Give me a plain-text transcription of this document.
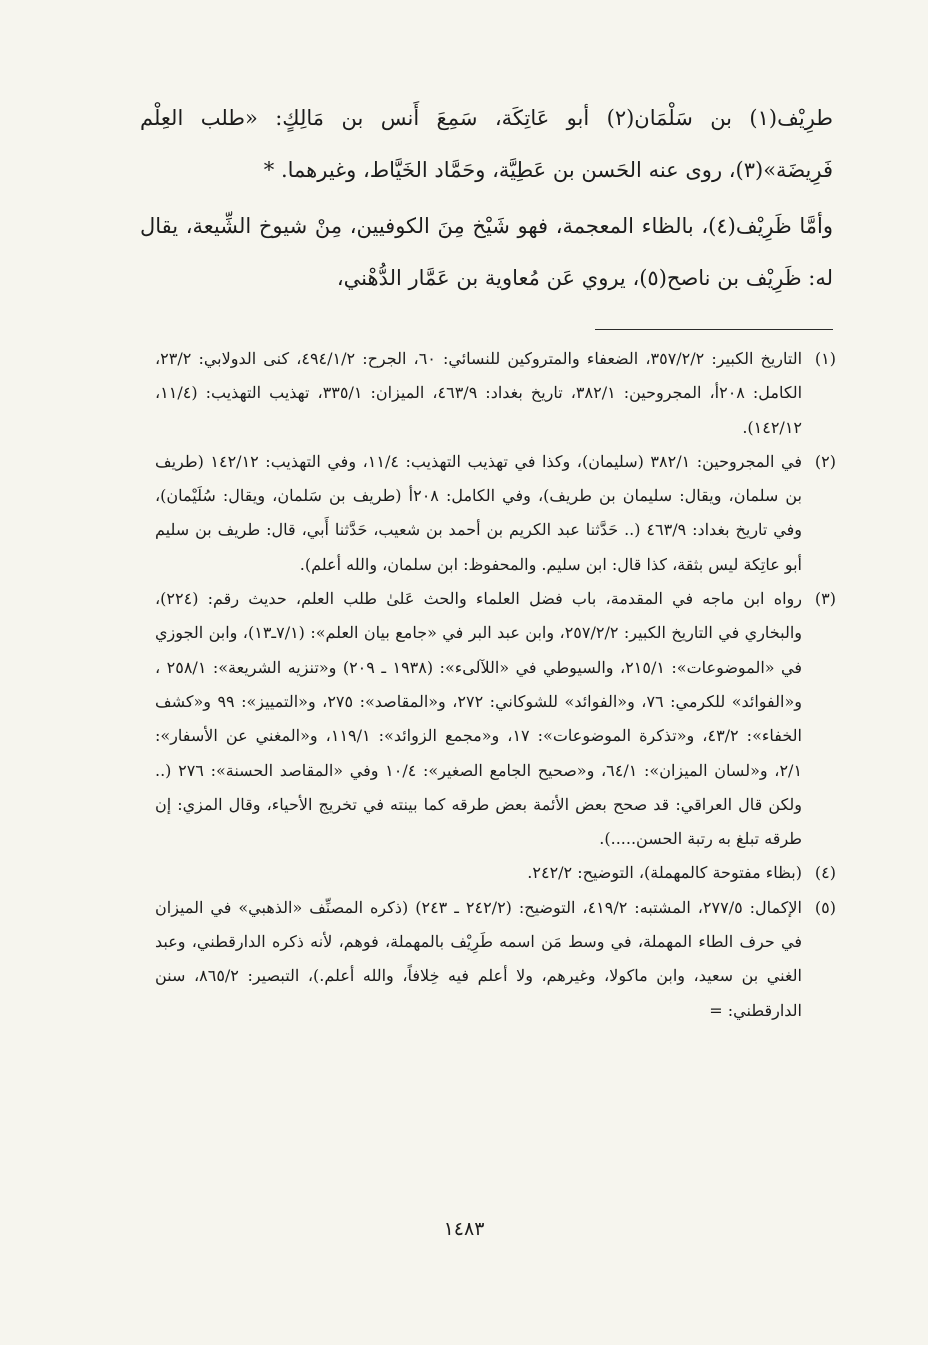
طرِيْف(١) بن سَلْمَان(٢) أبو عَاتِكَة، سَمِعَ أَنس بن مَالِكٍ: «طلب العِلْم فَرِيضَة»(٣)، روى عنه الحَسن بن عَطِيَّة، وحَمَّاد الخَيَّاط، وغيرهما. *

وأمَّا ظَرِيْف(٤)، بالظاء المعجمة، فهو شَيْخ مِنَ الكوفيين، مِنْ شيوخ الشِّيعة، يقال له: ظَرِيْف بن ناصح(٥)، يروي عَن مُعاوية بن عَمَّار الدُّهْني،

(١)
التاريخ الكبير: ٣٥٧/٢/٢، الضعفاء والمتروكين للنسائي: ٦٠، الجرح: ٤٩٤/١/٢، كنى الدولابي: ٢٣/٢، الكامل: ٢٠٨أ، المجروحين: ٣٨٢/١، تاريخ بغداد: ٤٦٣/٩، الميزان: ٣٣٥/١، تهذيب التهذيب: (١١/٤، ١٤٢/١٢).
(٢)
في المجروحين: ٣٨٢/١ (سليمان)، وكذا في تهذيب التهذيب: ١١/٤، وفي التهذيب: ١٤٢/١٢ (طريف بن سلمان، ويقال: سليمان بن طريف)، وفي الكامل: ٢٠٨أ (طريف بن سَلمان، ويقال: سُلَيْمان)، وفي تاريخ بغداد: ٤٦٣/٩ (.. حَدَّثنا عبد الكريم بن أحمد بن شعيب، حَدَّثنا أَبي، قال: طريف بن سليم أبو عاتِكة ليس بثقة، كذا قال: ابن سليم. والمحفوظ: ابن سلمان، والله أعلم).
(٣)
رواه ابن ماجه في المقدمة، باب فضل العلماء والحث عَلىٰ طلب العلم، حديث رقم: (٢٢٤)، والبخاري في التاريخ الكبير: ٢٥٧/٢/٢، وابن عبد البر في «جامع بيان العلم»: (٧/١ـ١٣)، وابن الجوزي في «الموضوعات»: ٢١٥/١، والسيوطي في «اللآلىء»: (١٩٣٨ ـ ٢٠٩) و«تنزيه الشريعة»: ٢٥٨/١ ، و«الفوائد» للكرمي: ٧٦، و«الفوائد» للشوكاني: ٢٧٢، و«المقاصد»: ٢٧٥، و«التمييز»: ٩٩ و«كشف الخفاء»: ٤٣/٢، و«تذكرة الموضوعات»: ١٧، و«مجمع الزوائد»: ١١٩/١، و«المغني عن الأسفار»: ٢/١، و«لسان الميزان»: ٦٤/١، و«صحيح الجامع الصغير»: ١٠/٤ وفي «المقاصد الحسنة»: ٢٧٦ (.. ولكن قال العراقي: قد صحح بعض الأئمة بعض طرقه كما بينته في تخريج الأحياء، وقال المزي: إن طرقه تبلغ به رتبة الحسن.....).
(٤)
(بظاء مفتوحة كالمهملة)، التوضيح: ٢٤٢/٢.
(٥)
الإكمال: ٢٧٧/٥، المشتبه: ٤١٩/٢، التوضيح: (٢٤٢/٢ ـ ٢٤٣) (ذكره المصنِّف «الذهبي» في الميزان في حرف الطاء المهملة، في وسط مَن اسمه طَرِيْف بالمهملة، فوهم، لأنه ذكره الدارقطني، وعبد الغني بن سعيد، وابن ماكولا، وغيرهم، ولا أعلم فيه خِلافاً، والله أعلم.)، التبصير: ٨٦٥/٢، سنن الدارقطني: =
١٤٨٣
